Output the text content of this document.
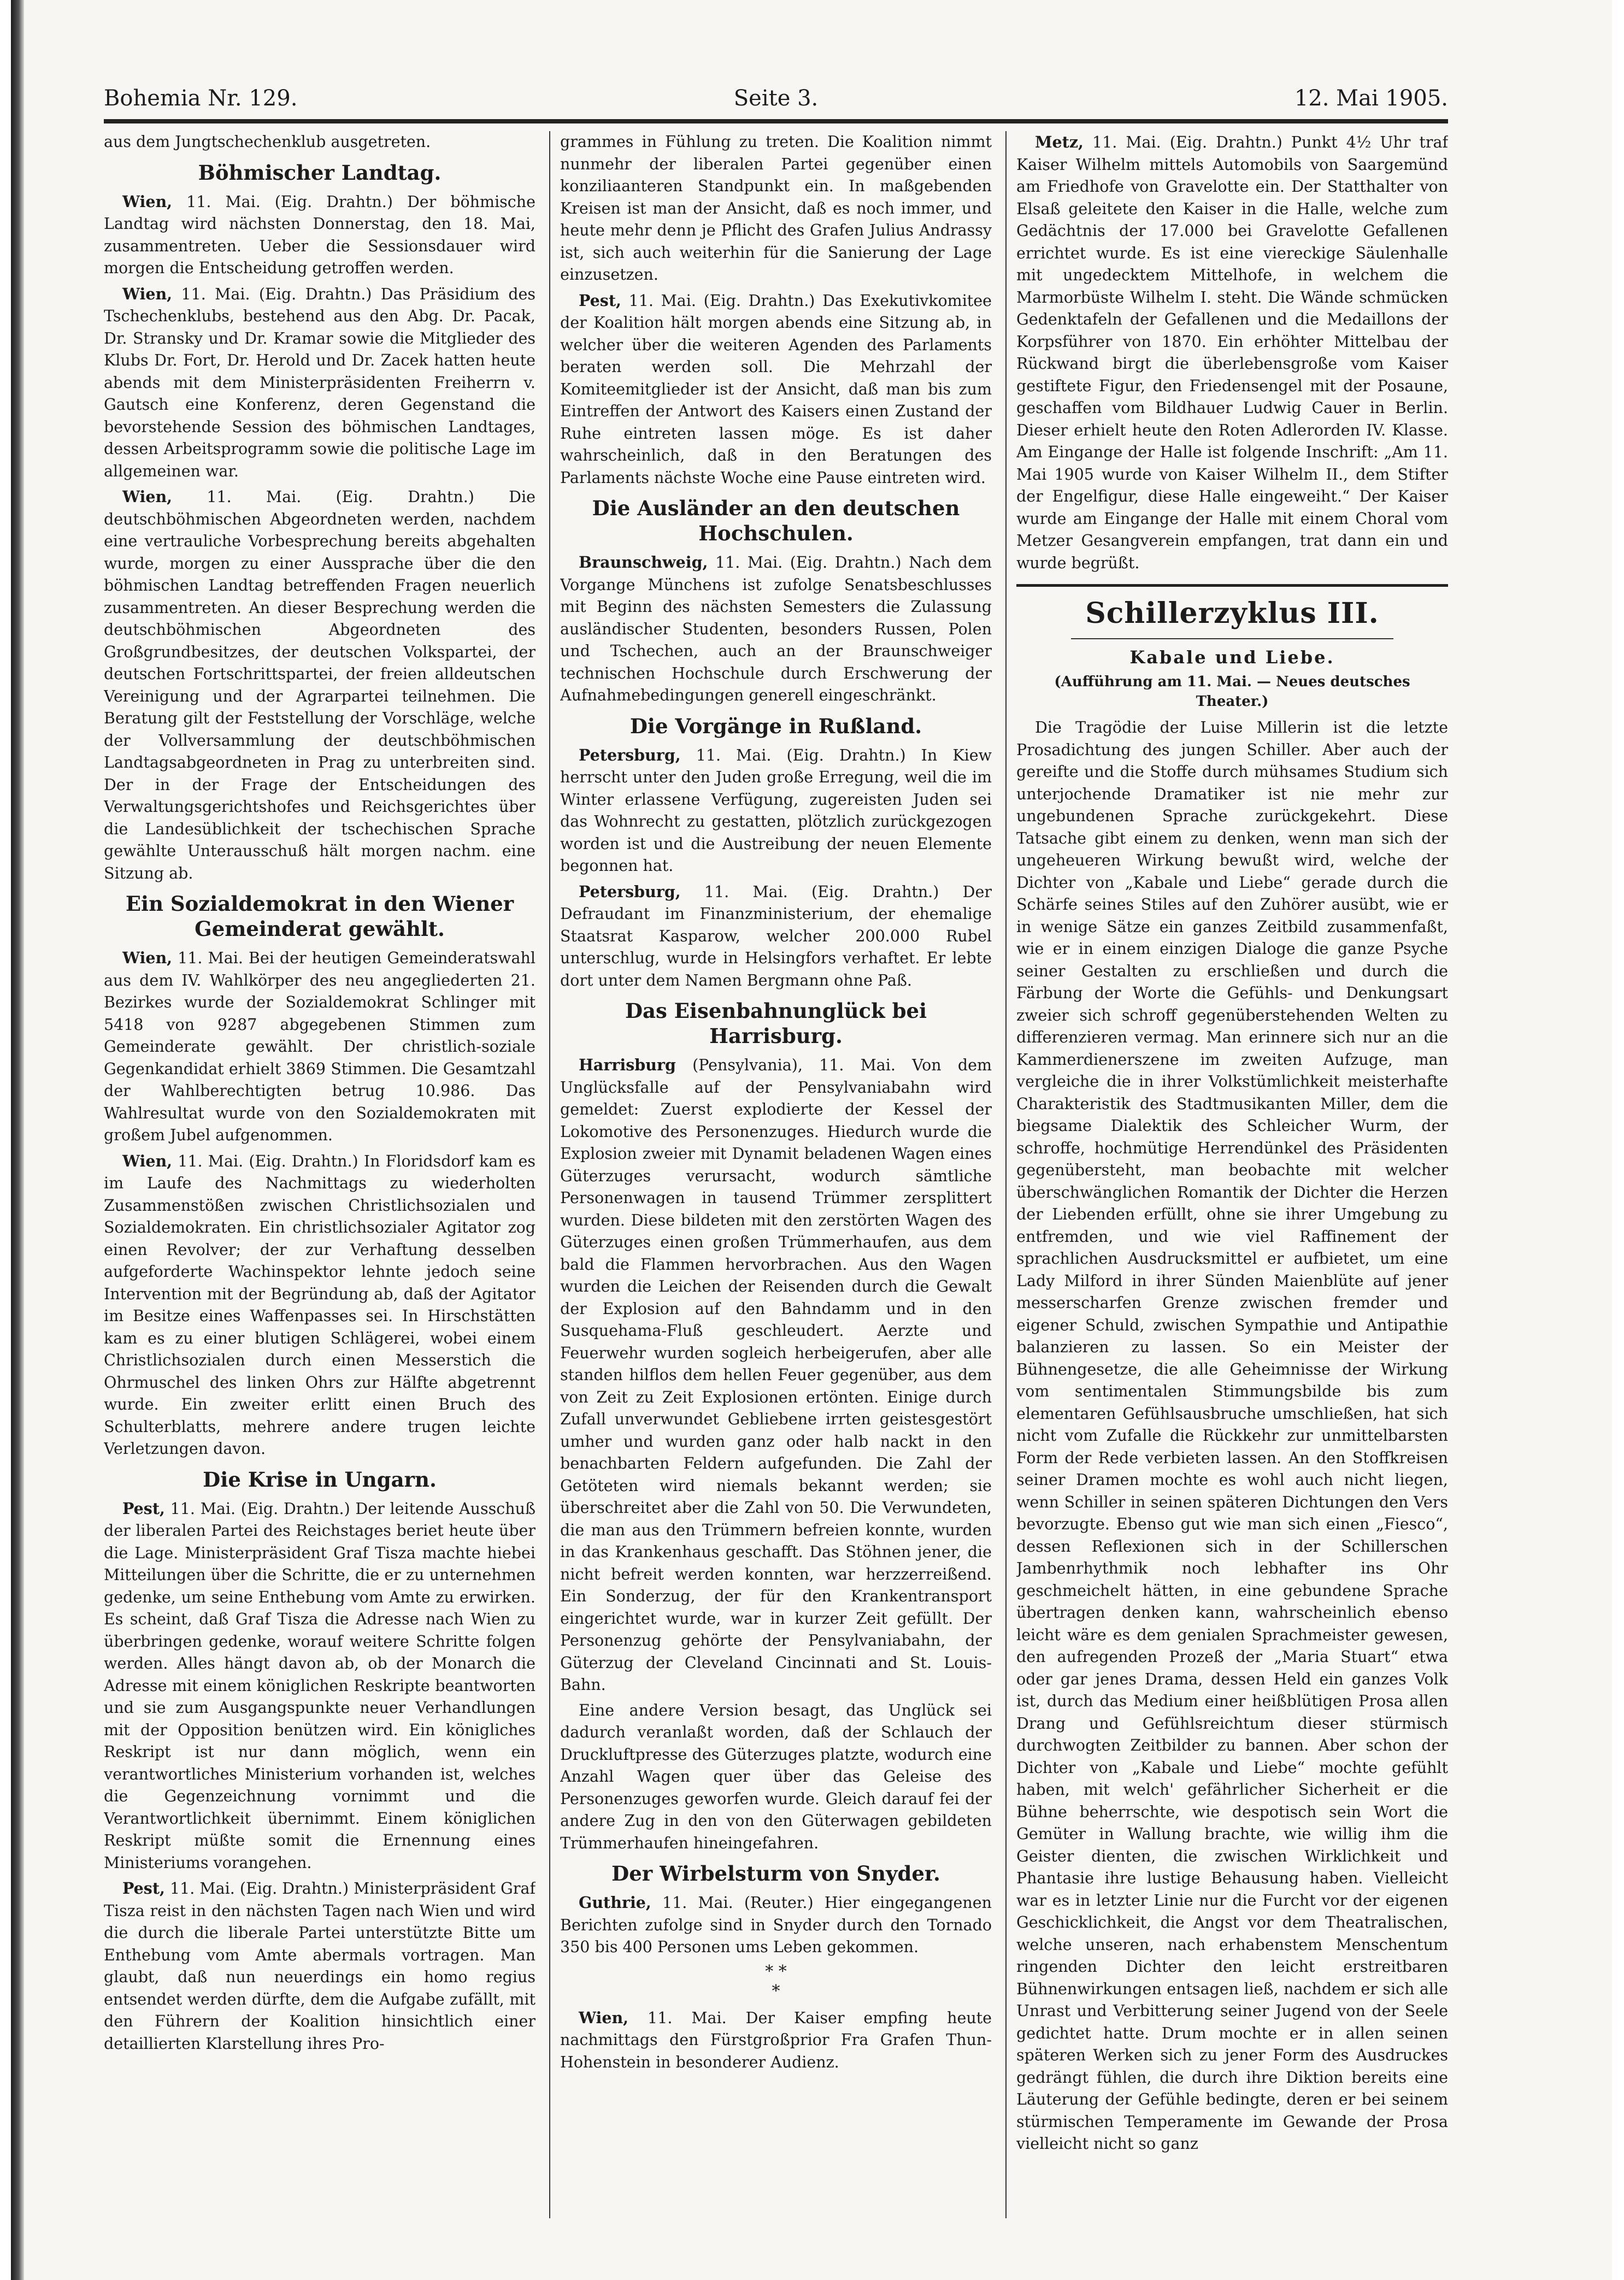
Seite 3.
Bohemia Nr. 129.	12. Mai 1905.

aus dem Jungtschechenklub ausgetreten.

Böhmischer Landtag.

Wien, 11. Mai. (Eig. Drahtn.) Der böhmische Landtag wird nächsten Donnerstag, den 18. Mai, zusammentreten. Ueber die Sessionsdauer wird morgen die Entscheidung getroffen werden.

Wien, 11. Mai. (Eig. Drahtn.) Das Präsidium des Tschechenklubs, bestehend aus den Abg. Dr. Pacak, Dr. Stransky und Dr. Kramar sowie die Mitglieder des Klubs Dr. Fort, Dr. Herold und Dr. Zacek hatten heute abends mit dem Ministerpräsidenten Freiherrn v. Gautsch eine Konferenz, deren Gegenstand die bevorstehende Session des böhmischen Landtages, dessen Arbeitsprogramm sowie die politische Lage im allgemeinen war.

Wien, 11. Mai. (Eig. Drahtn.) Die deutschböhmischen Abgeordneten werden, nachdem eine vertrauliche Vorbesprechung bereits abgehalten wurde, morgen zu einer Aussprache über die den böhmischen Landtag betreffenden Fragen neuerlich zusammentreten. An dieser Besprechung werden die deutschböhmischen Abgeordneten des Großgrundbesitzes, der deutschen Volkspartei, der deutschen Fortschrittspartei, der freien alldeutschen Vereinigung und der Agrarpartei teilnehmen. Die Beratung gilt der Feststellung der Vorschläge, welche der Vollversammlung der deutschböhmischen Landtagsabgeordneten in Prag zu unterbreiten sind. Der in der Frage der Entscheidungen des Verwaltungsgerichtshofes und Reichsgerichtes über die Landesüblichkeit der tschechischen Sprache gewählte Unterausschuß hält morgen nachm. eine Sitzung ab.

Ein Sozialdemokrat in den Wiener Gemeinderat gewählt.

Wien, 11. Mai. Bei der heutigen Gemeinderatswahl aus dem IV. Wahlkörper des neu angegliederten 21. Bezirkes wurde der Sozialdemokrat Schlinger mit 5418 von 9287 abgegebenen Stimmen zum Gemeinderate gewählt. Der christlich-soziale Gegenkandidat erhielt 3869 Stimmen. Die Gesamtzahl der Wahlberechtigten betrug 10.986. Das Wahlresultat wurde von den Sozialdemokraten mit großem Jubel aufgenommen.

Wien, 11. Mai. (Eig. Drahtn.) In Floridsdorf kam es im Laufe des Nachmittags zu wiederholten Zusammenstößen zwischen Christlichsozialen und Sozialdemokraten. Ein christlichsozialer Agitator zog einen Revolver; der zur Verhaftung desselben aufgeforderte Wachinspektor lehnte jedoch seine Intervention mit der Begründung ab, daß der Agitator im Besitze eines Waffenpasses sei. In Hirschstätten kam es zu einer blutigen Schlägerei, wobei einem Christlichsozialen durch einen Messerstich die Ohrmuschel des linken Ohrs zur Hälfte abgetrennt wurde. Ein zweiter erlitt einen Bruch des Schulterblatts, mehrere andere trugen leichte Verletzungen davon.

Die Krise in Ungarn.

Pest, 11. Mai. (Eig. Drahtn.) Der leitende Ausschuß der liberalen Partei des Reichstages beriet heute über die Lage. Ministerpräsident Graf Tisza machte hiebei Mitteilungen über die Schritte, die er zu unternehmen gedenke, um seine Enthebung vom Amte zu erwirken. Es scheint, daß Graf Tisza die Adresse nach Wien zu überbringen gedenke, worauf weitere Schritte folgen werden. Alles hängt davon ab, ob der Monarch die Adresse mit einem königlichen Reskripte beantworten und sie zum Ausgangspunkte neuer Verhandlungen mit der Opposition benützen wird. Ein königliches Reskript ist nur dann möglich, wenn ein verantwortliches Ministerium vorhanden ist, welches die Gegenzeichnung vornimmt und die Verantwortlichkeit übernimmt. Einem königlichen Reskript müßte somit die Ernennung eines Ministeriums vorangehen.

Pest, 11. Mai. (Eig. Drahtn.) Ministerpräsident Graf Tisza reist in den nächsten Tagen nach Wien und wird die durch die liberale Partei unterstützte Bitte um Enthebung vom Amte abermals vortragen. Man glaubt, daß nun neuerdings ein homo regius entsendet werden dürfte, dem die Aufgabe zufällt, mit den Führern der Koalition hinsichtlich einer detaillierten Klarstellung ihres Pro-

grammes in Fühlung zu treten. Die Koalition nimmt nunmehr der liberalen Partei gegenüber einen konziliaanteren Standpunkt ein. In maßgebenden Kreisen ist man der Ansicht, daß es noch immer, und heute mehr denn je Pflicht des Grafen Julius Andrassy ist, sich auch weiterhin für die Sanierung der Lage einzusetzen.

Pest, 11. Mai. (Eig. Drahtn.) Das Exekutivkomitee der Koalition hält morgen abends eine Sitzung ab, in welcher über die weiteren Agenden des Parlaments beraten werden soll. Die Mehrzahl der Komiteemitglieder ist der Ansicht, daß man bis zum Eintreffen der Antwort des Kaisers einen Zustand der Ruhe eintreten lassen möge. Es ist daher wahrscheinlich, daß in den Beratungen des Parlaments nächste Woche eine Pause eintreten wird.

Die Ausländer an den deutschen Hochschulen.

Braunschweig, 11. Mai. (Eig. Drahtn.) Nach dem Vorgange Münchens ist zufolge Senatsbeschlusses mit Beginn des nächsten Semesters die Zulassung ausländischer Studenten, besonders Russen, Polen und Tschechen, auch an der Braunschweiger technischen Hochschule durch Erschwerung der Aufnahmebedingungen generell eingeschränkt.

Die Vorgänge in Rußland.

Petersburg, 11. Mai. (Eig. Drahtn.) In Kiew herrscht unter den Juden große Erregung, weil die im Winter erlassene Verfügung, zugereisten Juden sei das Wohnrecht zu gestatten, plötzlich zurückgezogen worden ist und die Austreibung der neuen Elemente begonnen hat.

Petersburg, 11. Mai. (Eig. Drahtn.) Der Defraudant im Finanzministerium, der ehemalige Staatsrat Kasparow, welcher 200.000 Rubel unterschlug, wurde in Helsingfors verhaftet. Er lebte dort unter dem Namen Bergmann ohne Paß.

Das Eisenbahnunglück bei Harrisburg.

Harrisburg (Pensylvania), 11. Mai. Von dem Unglücksfalle auf der Pensylvaniabahn wird gemeldet: Zuerst explodierte der Kessel der Lokomotive des Personenzuges. Hiedurch wurde die Explosion zweier mit Dynamit beladenen Wagen eines Güterzuges verursacht, wodurch sämtliche Personenwagen in tausend Trümmer zersplittert wurden. Diese bildeten mit den zerstörten Wagen des Güterzuges einen großen Trümmerhaufen, aus dem bald die Flammen hervorbrachen. Aus den Wagen wurden die Leichen der Reisenden durch die Gewalt der Explosion auf den Bahndamm und in den Susquehama-Fluß geschleudert. Aerzte und Feuerwehr wurden sogleich herbeigerufen, aber alle standen hilflos dem hellen Feuer gegenüber, aus dem von Zeit zu Zeit Explosionen ertönten. Einige durch Zufall unverwundet Gebliebene irrten geistesgestört umher und wurden ganz oder halb nackt in den benachbarten Feldern aufgefunden. Die Zahl der Getöteten wird niemals bekannt werden; sie überschreitet aber die Zahl von 50. Die Verwundeten, die man aus den Trümmern befreien konnte, wurden in das Krankenhaus geschafft. Das Stöhnen jener, die nicht befreit werden konnten, war herzzerreißend. Ein Sonderzug, der für den Krankentransport eingerichtet wurde, war in kurzer Zeit gefüllt. Der Personenzug gehörte der Pensylvaniabahn, der Güterzug der Cleveland Cincinnati and St. Louis-Bahn.

Eine andere Version besagt, das Unglück sei dadurch veranlaßt worden, daß der Schlauch der Druckluftpresse des Güterzuges platzte, wodurch eine Anzahl Wagen quer über das Geleise des Personenzuges geworfen wurde. Gleich darauf fei der andere Zug in den von den Güterwagen gebildeten Trümmerhaufen hineingefahren.

Der Wirbelsturm von Snyder.

Guthrie, 11. Mai. (Reuter.) Hier eingegangenen Berichten zufolge sind in Snyder durch den Tornado 350 bis 400 Personen ums Leben gekommen.

* *
*

Wien, 11. Mai. Der Kaiser empfing heute nachmittags den Fürstgroßprior Fra Grafen Thun-Hohenstein in besonderer Audienz.

Metz, 11. Mai. (Eig. Drahtn.) Punkt 4½ Uhr traf Kaiser Wilhelm mittels Automobils von Saargemünd am Friedhofe von Gravelotte ein. Der Statthalter von Elsaß geleitete den Kaiser in die Halle, welche zum Gedächtnis der 17.000 bei Gravelotte Gefallenen errichtet wurde. Es ist eine viereckige Säulenhalle mit ungedecktem Mittelhofe, in welchem die Marmorbüste Wilhelm I. steht. Die Wände schmücken Gedenktafeln der Gefallenen und die Medaillons der Korpsführer von 1870. Ein erhöhter Mittelbau der Rückwand birgt die überlebensgroße vom Kaiser gestiftete Figur, den Friedensengel mit der Posaune, geschaffen vom Bildhauer Ludwig Cauer in Berlin. Dieser erhielt heute den Roten Adlerorden IV. Klasse. Am Eingange der Halle ist folgende Inschrift: „Am 11. Mai 1905 wurde von Kaiser Wilhelm II., dem Stifter der Engelfigur, diese Halle eingeweiht.“ Der Kaiser wurde am Eingange der Halle mit einem Choral vom Metzer Gesangverein empfangen, trat dann ein und wurde begrüßt.

Schillerzyklus III.
Kabale und Liebe.
(Aufführung am 11. Mai. — Neues deutsches Theater.)

Die Tragödie der Luise Millerin ist die letzte Prosadichtung des jungen Schiller. Aber auch der gereifte und die Stoffe durch mühsames Studium sich unterjochende Dramatiker ist nie mehr zur ungebundenen Sprache zurückgekehrt. Diese Tatsache gibt einem zu denken, wenn man sich der ungeheueren Wirkung bewußt wird, welche der Dichter von „Kabale und Liebe“ gerade durch die Schärfe seines Stiles auf den Zuhörer ausübt, wie er in wenige Sätze ein ganzes Zeitbild zusammenfaßt, wie er in einem einzigen Dialoge die ganze Psyche seiner Gestalten zu erschließen und durch die Färbung der Worte die Gefühls- und Denkungsart zweier sich schroff gegenüberstehenden Welten zu differenzieren vermag. Man erinnere sich nur an die Kammerdienerszene im zweiten Aufzuge, man vergleiche die in ihrer Volkstümlichkeit meisterhafte Charakteristik des Stadtmusikanten Miller, dem die biegsame Dialektik des Schleicher Wurm, der schroffe, hochmütige Herrendünkel des Präsidenten gegenübersteht, man beobachte mit welcher überschwänglichen Romantik der Dichter die Herzen der Liebenden erfüllt, ohne sie ihrer Umgebung zu entfremden, und wie viel Raffinement der sprachlichen Ausdrucksmittel er aufbietet, um eine Lady Milford in ihrer Sünden Maienblüte auf jener messerscharfen Grenze zwischen fremder und eigener Schuld, zwischen Sympathie und Antipathie balanzieren zu lassen. So ein Meister der Bühnengesetze, die alle Geheimnisse der Wirkung vom sentimentalen Stimmungsbilde bis zum elementaren Gefühlsausbruche umschließen, hat sich nicht vom Zufalle die Rückkehr zur unmittelbarsten Form der Rede verbieten lassen. An den Stoffkreisen seiner Dramen mochte es wohl auch nicht liegen, wenn Schiller in seinen späteren Dichtungen den Vers bevorzugte. Ebenso gut wie man sich einen „Fiesco“, dessen Reflexionen sich in der Schillerschen Jambenrhythmik noch lebhafter ins Ohr geschmeichelt hätten, in eine gebundene Sprache übertragen denken kann, wahrscheinlich ebenso leicht wäre es dem genialen Sprachmeister gewesen, den aufregenden Prozeß der „Maria Stuart“ etwa oder gar jenes Drama, dessen Held ein ganzes Volk ist, durch das Medium einer heißblütigen Prosa allen Drang und Gefühlsreichtum dieser stürmisch durchwogten Zeitbilder zu bannen. Aber schon der Dichter von „Kabale und Liebe“ mochte gefühlt haben, mit welch' gefährlicher Sicherheit er die Bühne beherrschte, wie despotisch sein Wort die Gemüter in Wallung brachte, wie willig ihm die Geister dienten, die zwischen Wirklichkeit und Phantasie ihre lustige Behausung haben. Vielleicht war es in letzter Linie nur die Furcht vor der eigenen Geschicklichkeit, die Angst vor dem Theatralischen, welche unseren, nach erhabenstem Menschentum ringenden Dichter den leicht erstreitbaren Bühnenwirkungen entsagen ließ, nachdem er sich alle Unrast und Verbitterung seiner Jugend von der Seele gedichtet hatte. Drum mochte er in allen seinen späteren Werken sich zu jener Form des Ausdruckes gedrängt fühlen, die durch ihre Diktion bereits eine Läuterung der Gefühle bedingte, deren er bei seinem stürmischen Temperamente im Gewande der Prosa vielleicht nicht so ganz
